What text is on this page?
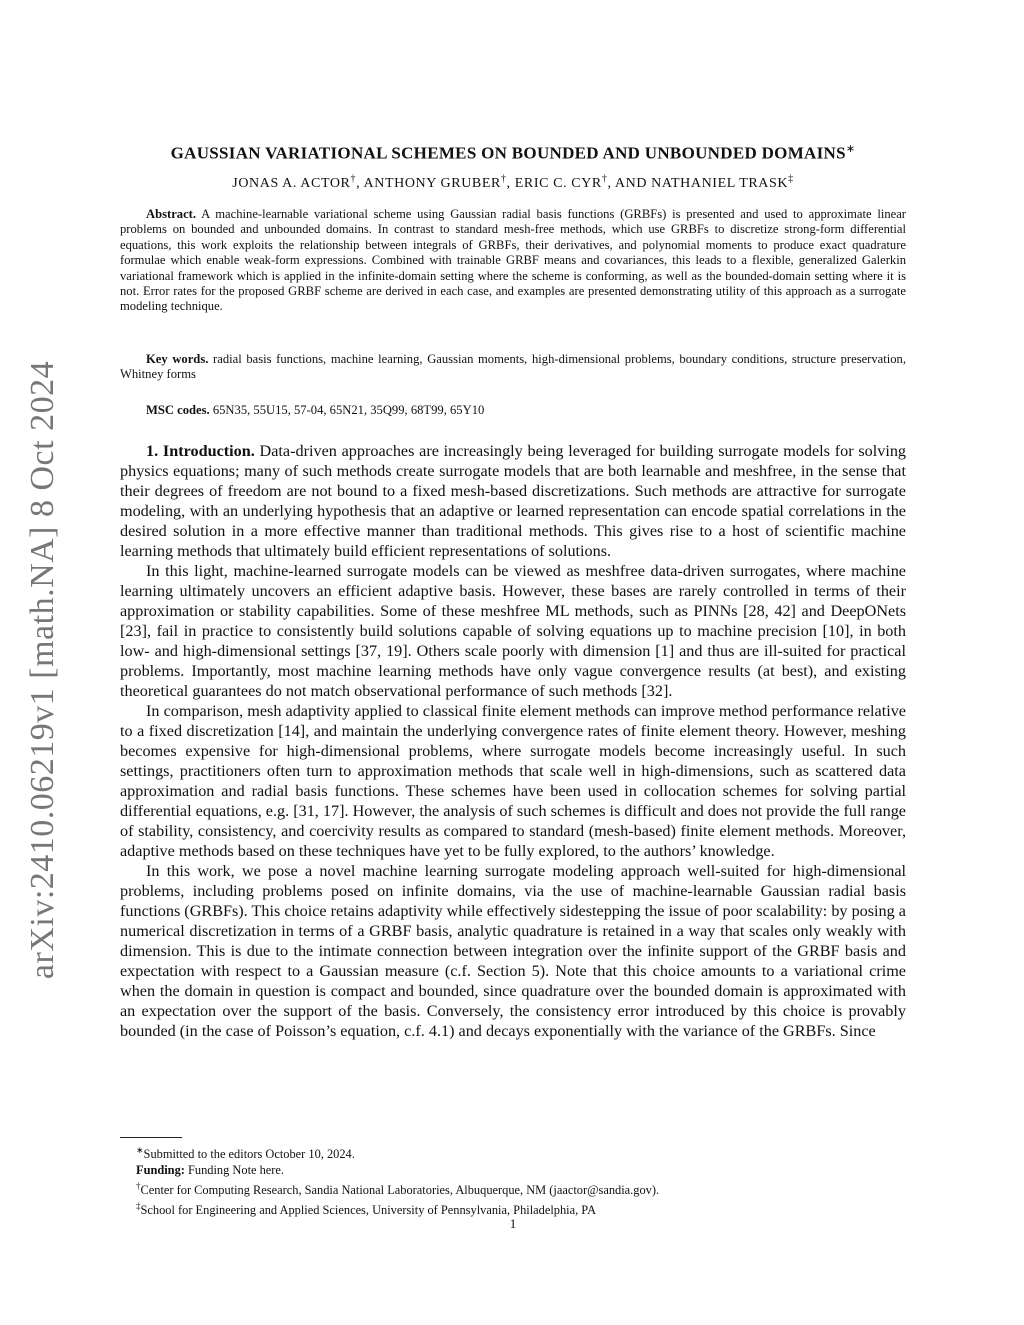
arXiv:2410.06219v1 [math.NA] 8 Oct 2024
GAUSSIAN VARIATIONAL SCHEMES ON BOUNDED AND UNBOUNDED DOMAINS∗
JONAS A. ACTOR†, ANTHONY GRUBER†, ERIC C. CYR†, AND NATHANIEL TRASK‡
Abstract. A machine-learnable variational scheme using Gaussian radial basis functions (GRBFs) is presented and used to approximate linear problems on bounded and unbounded domains. In contrast to standard mesh-free methods, which use GRBFs to discretize strong-form differential equations, this work exploits the relationship between integrals of GRBFs, their derivatives, and polynomial moments to produce exact quadrature formulae which enable weak-form expressions. Combined with trainable GRBF means and covariances, this leads to a flexible, generalized Galerkin variational framework which is applied in the infinite-domain setting where the scheme is conforming, as well as the bounded-domain setting where it is not. Error rates for the proposed GRBF scheme are derived in each case, and examples are presented demonstrating utility of this approach as a surrogate modeling technique.
Key words. radial basis functions, machine learning, Gaussian moments, high-dimensional problems, boundary conditions, structure preservation, Whitney forms
MSC codes. 65N35, 55U15, 57-04, 65N21, 35Q99, 68T99, 65Y10

1. Introduction. Data-driven approaches are increasingly being leveraged for building surrogate models for solving physics equations; many of such methods create surrogate models that are both learnable and meshfree, in the sense that their degrees of freedom are not bound to a fixed mesh-based discretizations. Such methods are attractive for surrogate modeling, with an underlying hypothesis that an adaptive or learned representation can encode spatial correlations in the desired solution in a more effective manner than traditional methods. This gives rise to a host of scientific machine learning methods that ultimately build efficient representations of solutions.

In this light, machine-learned surrogate models can be viewed as meshfree data-driven surrogates, where machine learning ultimately uncovers an efficient adaptive basis. However, these bases are rarely controlled in terms of their approximation or stability capabilities. Some of these meshfree ML methods, such as PINNs [28, 42] and DeepONets [23], fail in practice to consistently build solutions capable of solving equations up to machine precision [10], in both low- and high-dimensional settings [37, 19]. Others scale poorly with dimension [1] and thus are ill-suited for practical problems. Importantly, most machine learning methods have only vague convergence results (at best), and existing theoretical guarantees do not match observational performance of such methods [32].

In comparison, mesh adaptivity applied to classical finite element methods can improve method performance relative to a fixed discretization [14], and maintain the underlying convergence rates of finite element theory. However, meshing becomes expensive for high-dimensional problems, where surrogate models become increasingly useful. In such settings, practitioners often turn to approximation methods that scale well in high-dimensions, such as scattered data approximation and radial basis functions. These schemes have been used in collocation schemes for solving partial differential equations, e.g. [31, 17]. However, the analysis of such schemes is difficult and does not provide the full range of stability, consistency, and coercivity results as compared to standard (mesh-based) finite element methods. Moreover, adaptive methods based on these techniques have yet to be fully explored, to the authors’ knowledge.

In this work, we pose a novel machine learning surrogate modeling approach well-suited for high-dimensional problems, including problems posed on infinite domains, via the use of machine-learnable Gaussian radial basis functions (GRBFs). This choice retains adaptivity while effectively sidestepping the issue of poor scalability: by posing a numerical discretization in terms of a GRBF basis, analytic quadrature is retained in a way that scales only weakly with dimension. This is due to the intimate connection between integration over the infinite support of the GRBF basis and expectation with respect to a Gaussian measure (c.f. Section 5). Note that this choice amounts to a variational crime when the domain in question is compact and bounded, since quadrature over the bounded domain is approximated with an expectation over the support of the basis. Conversely, the consistency error introduced by this choice is provably bounded (in the case of Poisson’s equation, c.f. 4.1) and decays exponentially with the variance of the GRBFs. Since

∗Submitted to the editors October 10, 2024.
Funding: Funding Note here.
†Center for Computing Research, Sandia National Laboratories, Albuquerque, NM (jaactor@sandia.gov).
‡School for Engineering and Applied Sciences, University of Pennsylvania, Philadelphia, PA
1
